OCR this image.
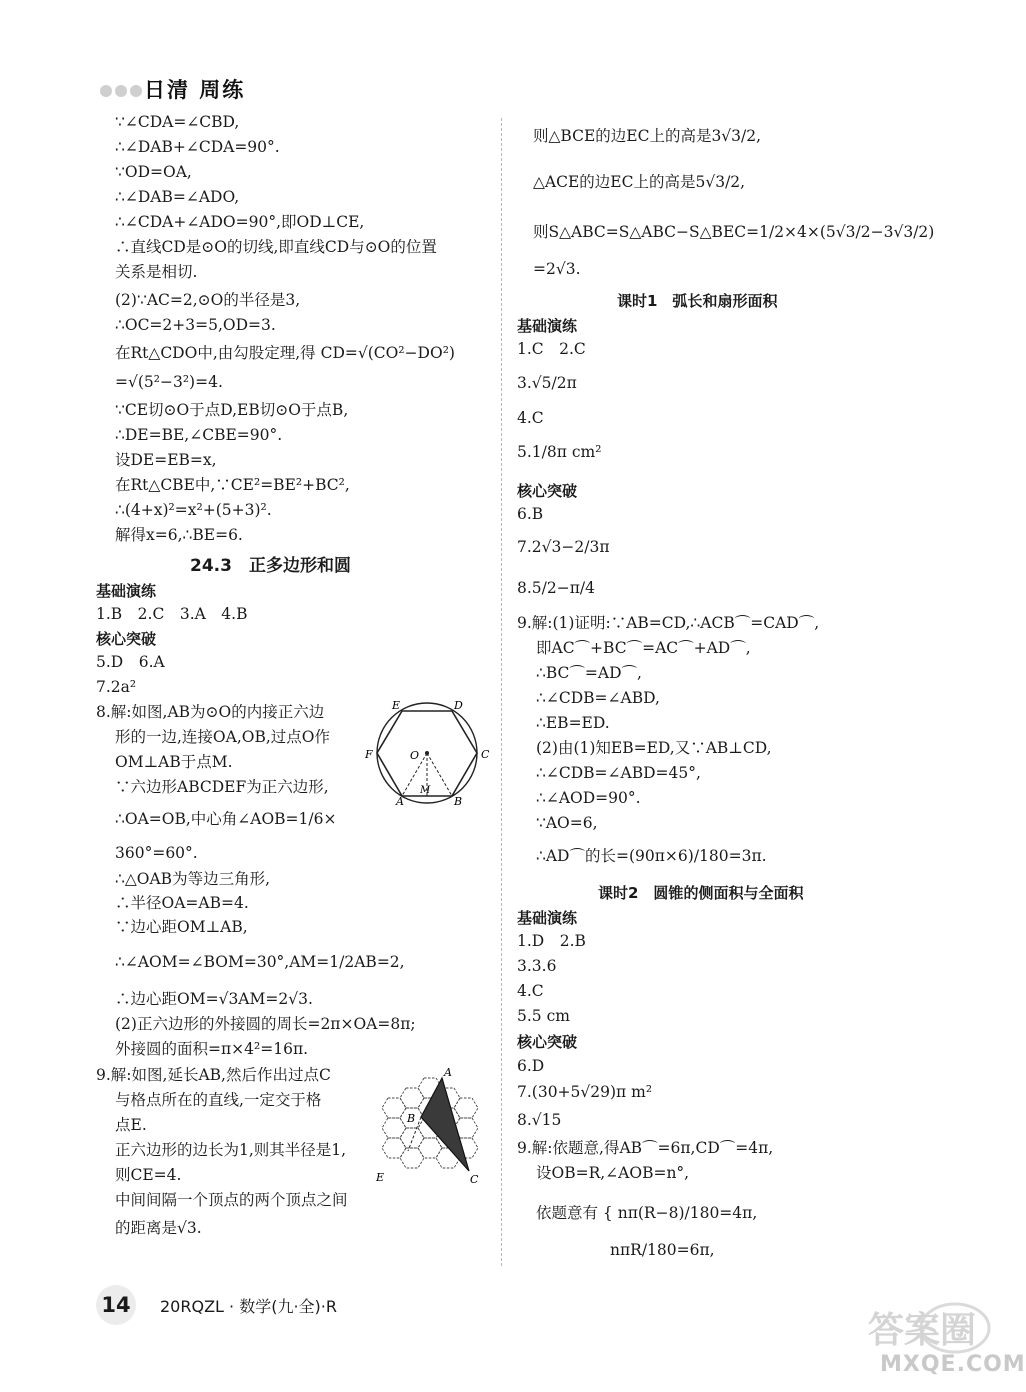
日清 周练
∵∠CDA=∠CBD,
∴∠DAB+∠CDA=90°.
∵OD=OA,
∴∠DAB=∠ADO,
∴∠CDA+∠ADO=90°,即OD⊥CE,
∴直线CD是⊙O的切线,即直线CD与⊙O的位置
关系是相切.
(2)∵AC=2,⊙O的半径是3,
∴OC=2+3=5,OD=3.
在Rt△CDO中,由勾股定理,得 CD=√(CO²−DO²)
=√(5²−3²)=4.
∵CE切⊙O于点D,EB切⊙O于点B,
∴DE=BE,∠CBE=90°.
设DE=EB=x,
在Rt△CBE中,∵CE²=BE²+BC²,
∴(4+x)²=x²+(5+3)².
解得x=6,∴BE=6.
24.3　正多边形和圆
基础演练
1.B　2.C　3.A　4.B
核心突破
5.D　6.A
7.2a²
8.解:如图,AB为⊙O的内接正六边
形的一边,连接OA,OB,过点O作
OM⊥AB于点M.
∵六边形ABCDEF为正六边形,
∴OA=OB,中心角∠AOB=1/6×
360°=60°.
∴△OAB为等边三角形,
∴半径OA=AB=4.
∵边心距OM⊥AB,
∴∠AOM=∠BOM=30°,AM=1/2AB=2,
∴边心距OM=√3AM=2√3.
(2)正六边形的外接圆的周长=2π×OA=8π;
外接圆的面积=π×4²=16π.
9.解:如图,延长AB,然后作出过点C
与格点所在的直线,一定交于格
点E.
正六边形的边长为1,则其半径是1,
则CE=4.
中间间隔一个顶点的两个顶点之间
的距离是√3.
A	B
C
D
E
F	O
M
A
B
C
E
则△BCE的边EC上的高是3√3/2,
△ACE的边EC上的高是5√3/2,
则S△ABC=S△ABC−S△BEC=1/2×4×(5√3/2−3√3/2)
=2√3.
课时1　弧长和扇形面积
基础演练
1.C　2.C
3.√5/2π
4.C
5.1/8π cm²
核心突破
6.B
7.2√3−2/3π
8.5/2−π/4
9.解:(1)证明:∵AB=CD,∴ACB⌒=CAD⌒,
即AC⌒+BC⌒=AC⌒+AD⌒,
∴BC⌒=AD⌒,
∴∠CDB=∠ABD,
∴EB=ED.
(2)由(1)知EB=ED,又∵AB⊥CD,
∴∠CDB=∠ABD=45°,
∴∠AOD=90°.
∵AO=6,
∴AD⌒的长=(90π×6)/180=3π.
课时2　圆锥的侧面积与全面积
基础演练
1.D　2.B
3.3.6
4.C
5.5 cm
核心突破
6.D
7.(30+5√29)π m²
8.√15
9.解:依题意,得AB⌒=6π,CD⌒=4π,
设OB=R,∠AOB=n°,
依题意有 { nπ(R−8)/180=4π,
nπR/180=6π,
14	20RQZL · 数学(九·全)·R
答案圈
MXQE.COM
